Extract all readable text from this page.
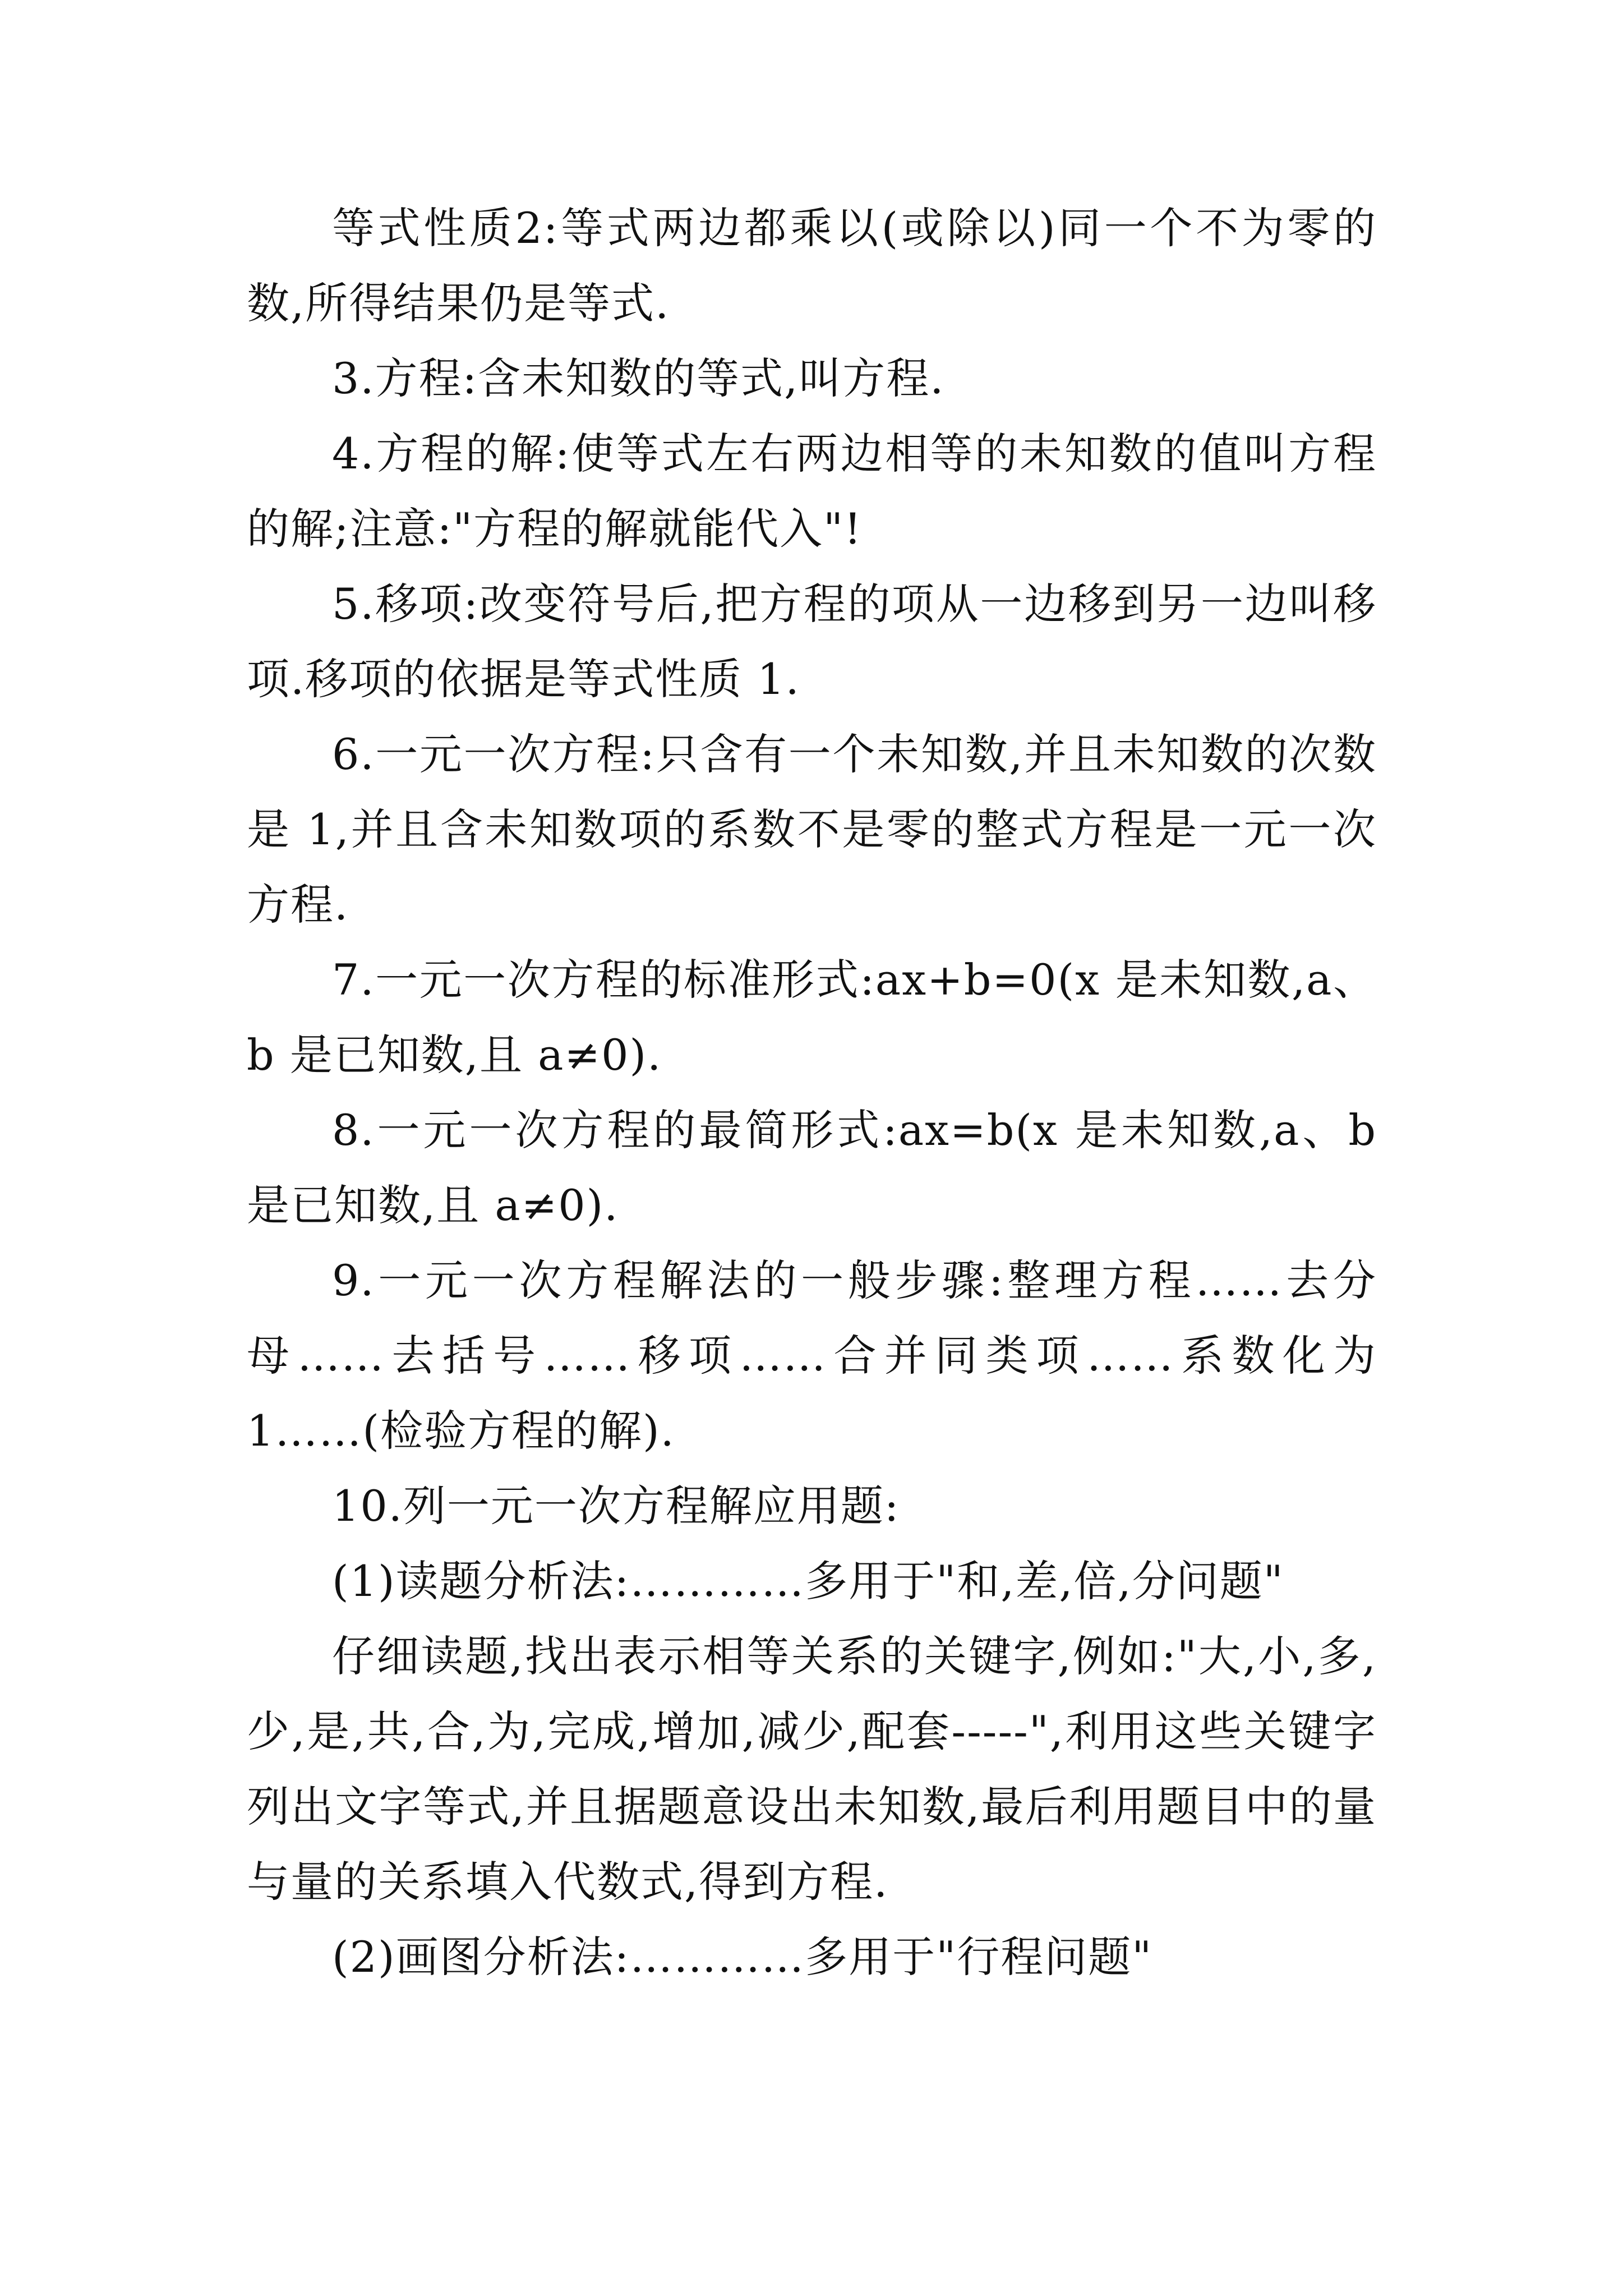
等式性质2:等式两边都乘以(或除以)同一个不为零的数,所得结果仍是等式.

3.方程:含未知数的等式,叫方程.

4.方程的解:使等式左右两边相等的未知数的值叫方程的解;注意:"方程的解就能代入"!

5.移项:改变符号后,把方程的项从一边移到另一边叫移项.移项的依据是等式性质 1.

6.一元一次方程:只含有一个未知数,并且未知数的次数是 1,并且含未知数项的系数不是零的整式方程是一元一次方程.

7.一元一次方程的标准形式:ax+b=0(x 是未知数,a、b 是已知数,且 a≠0).

8.一元一次方程的最简形式:ax=b(x 是未知数,a、b 是已知数,且 a≠0).

9.一元一次方程解法的一般步骤:整理方程……去分母……去括号……移项……合并同类项……系数化为 1……(检验方程的解).

10.列一元一次方程解应用题:

(1)读题分析法:…………多用于"和,差,倍,分问题"

仔细读题,找出表示相等关系的关键字,例如:"大,小,多,少,是,共,合,为,完成,增加,减少,配套-----",利用这些关键字列出文字等式,并且据题意设出未知数,最后利用题目中的量与量的关系填入代数式,得到方程.

(2)画图分析法:…………多用于"行程问题"
